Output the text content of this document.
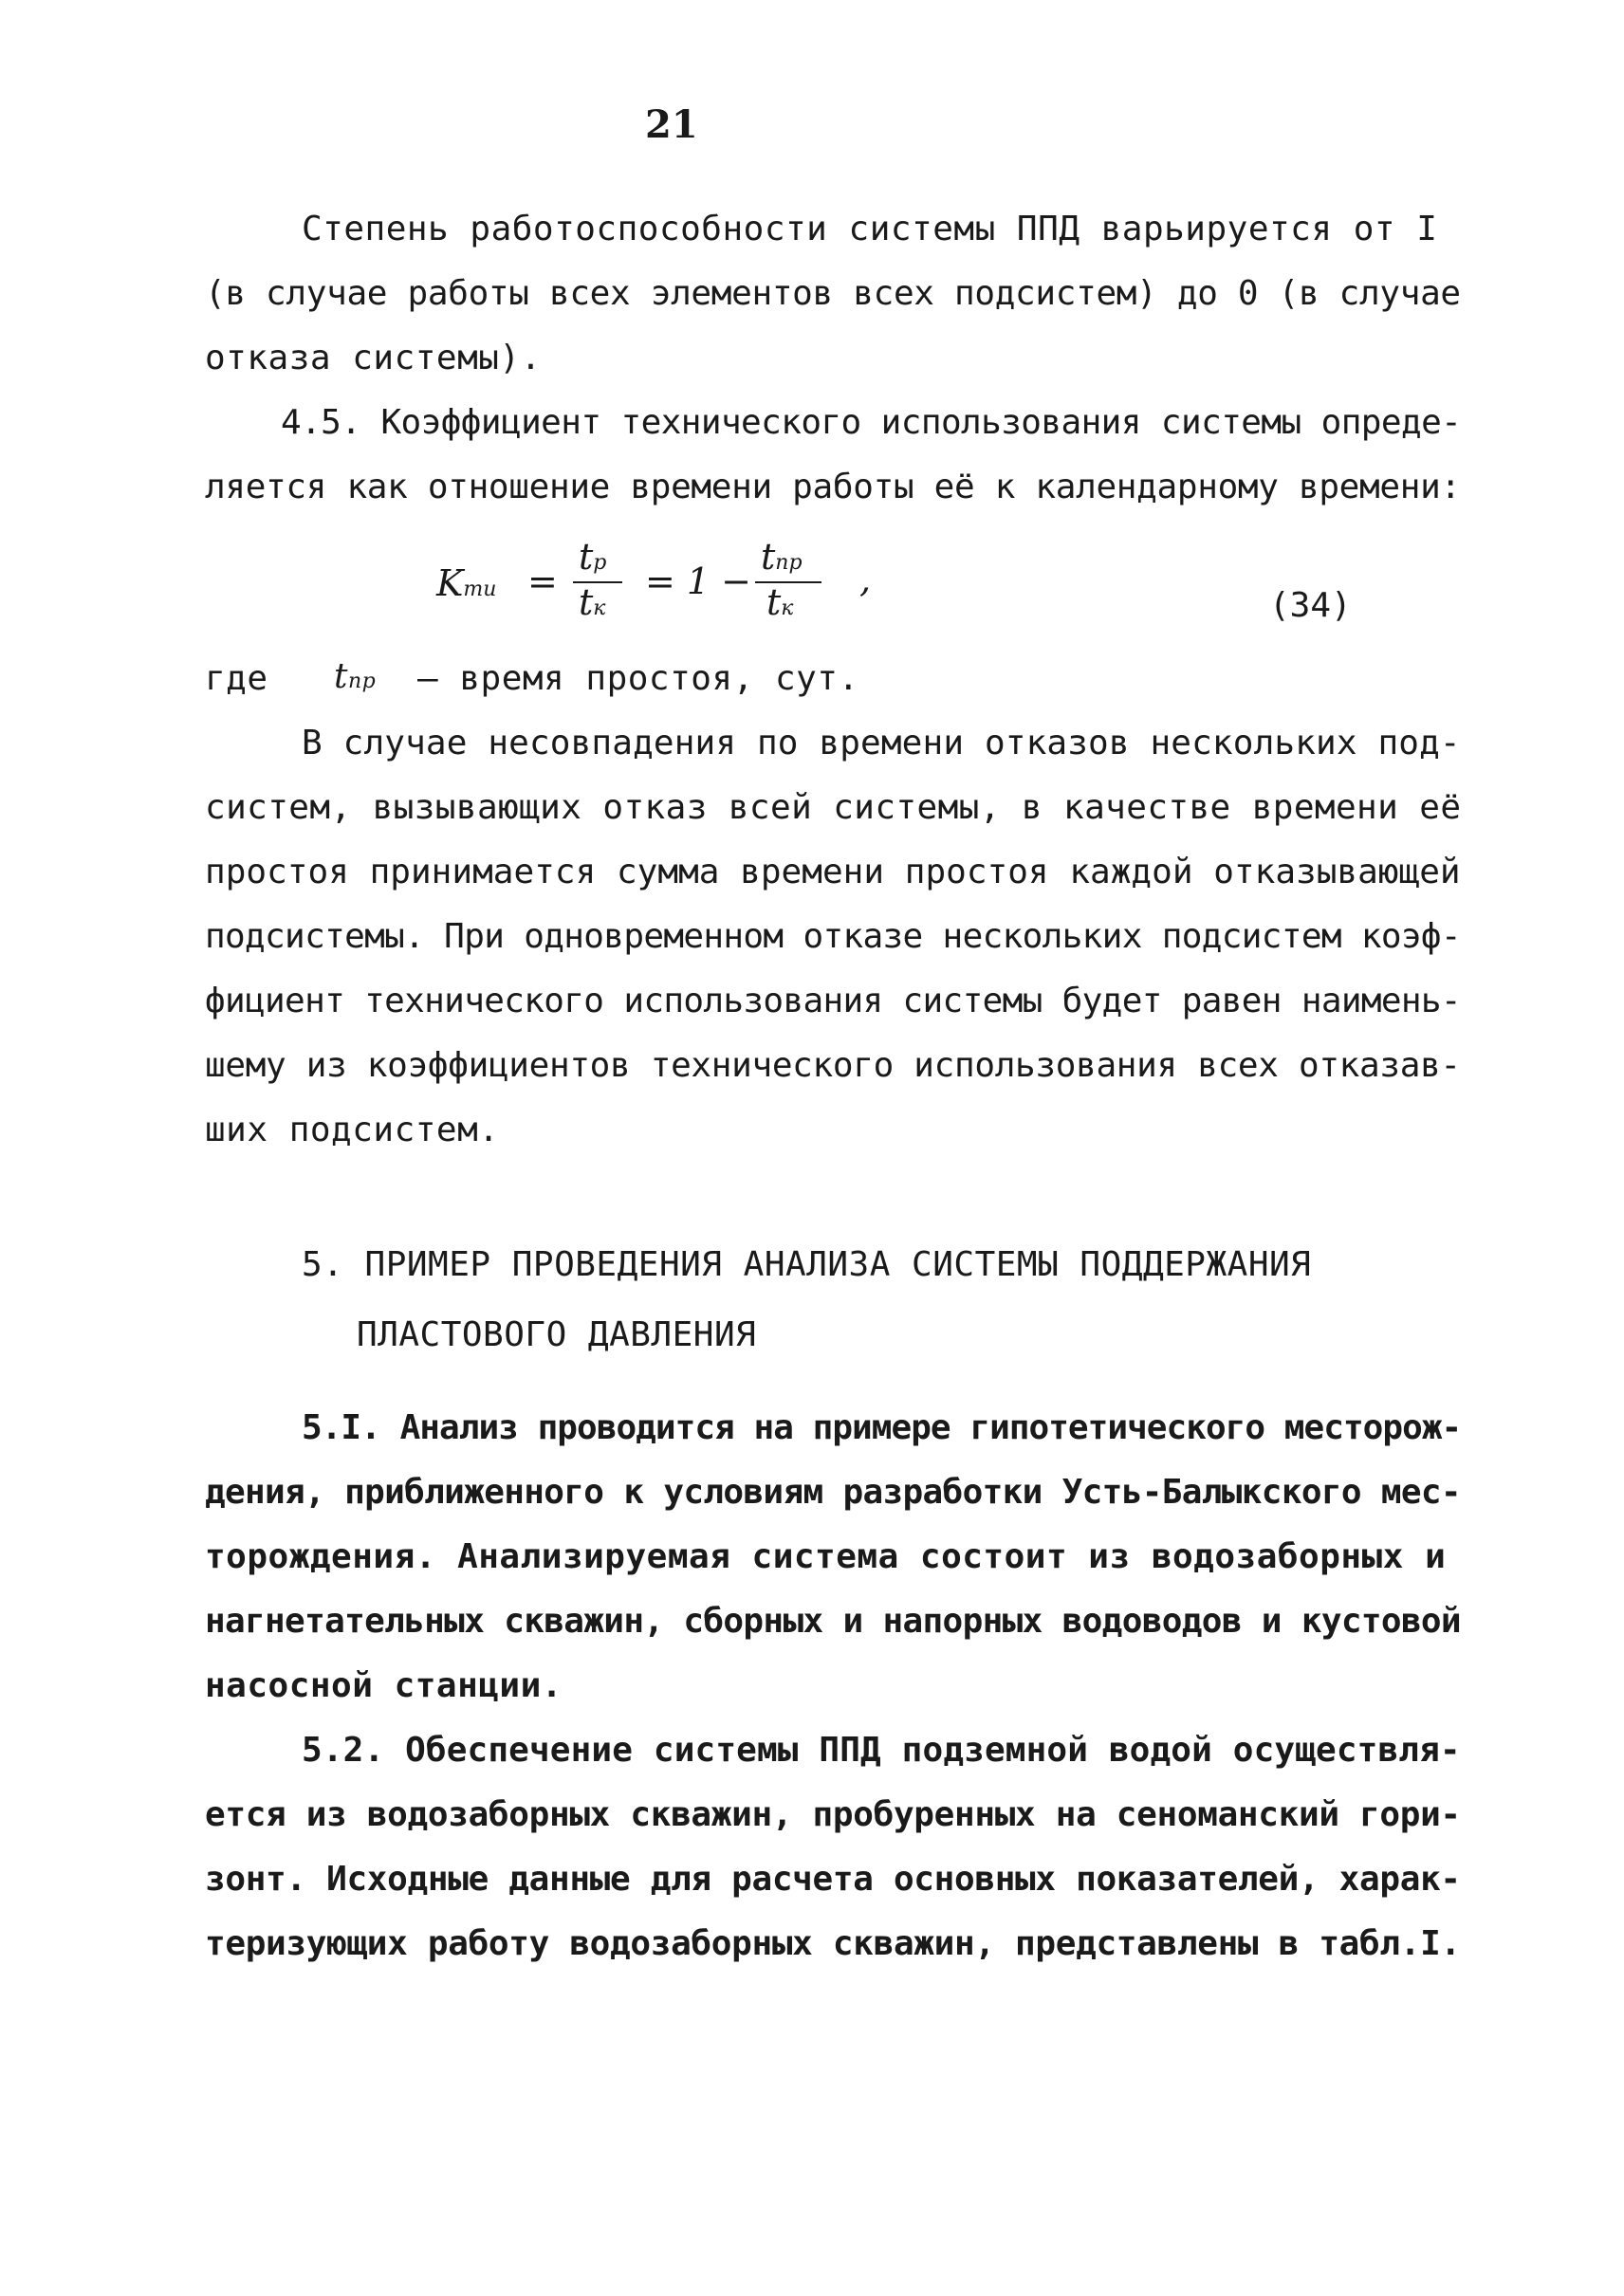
21
Степень работоспособности системы ППД варьируется от I
(в случае работы всех элементов всех подсистем) до 0 (в случае
отказа системы).
4.5. Коэффициент технического использования системы опреде-
ляется как отношение времени работы её к календарному времени:
Kти =
tр
tк
= 1 −
tпр
tк
,
(34)
где tпр – время простоя, сут.
В случае несовпадения по времени отказов нескольких под-
систем, вызывающих отказ всей системы, в качестве времени её
простоя принимается сумма времени простоя каждой отказывающей
подсистемы. При одновременном отказе нескольких подсистем коэф-
фициент технического использования системы будет равен наимень-
шему из коэффициентов технического использования всех отказав-
ших подсистем.
5. ПРИМЕР ПРОВЕДЕНИЯ АНАЛИЗА СИСТЕМЫ ПОДДЕРЖАНИЯ
ПЛАСТОВОГО ДАВЛЕНИЯ
5.I. Анализ проводится на примере гипотетического месторож-
дения, приближенного к условиям разработки Усть-Балыкского мес-
торождения. Анализируемая система состоит из водозаборных и
нагнетательных скважин, сборных и напорных водоводов и кустовой
насосной станции.
5.2. Обеспечение системы ППД подземной водой осуществля-
ется из водозаборных скважин, пробуренных на сеноманский гори-
зонт. Исходные данные для расчета основных показателей, харак-
теризующих работу водозаборных скважин, представлены в табл.I.
